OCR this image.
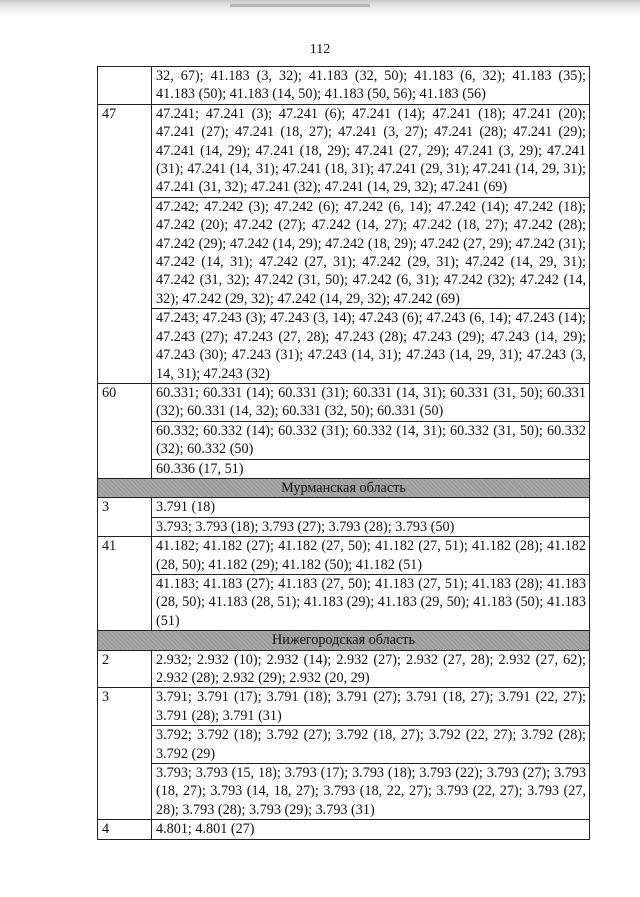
112
	32, 67); 41.183 (3, 32); 41.183 (32, 50); 41.183 (6, 32); 41.183 (35); 41.183 (50); 41.183 (14, 50); 41.183 (50, 56); 41.183 (56)
47	47.241; 47.241 (3); 47.241 (6); 47.241 (14); 47.241 (18); 47.241 (20); 47.241 (27); 47.241 (18, 27); 47.241 (3, 27); 47.241 (28); 47.241 (29); 47.241 (14, 29); 47.241 (18, 29); 47.241 (27, 29); 47.241 (3, 29); 47.241 (31); 47.241 (14, 31); 47.241 (18, 31); 47.241 (29, 31); 47.241 (14, 29, 31); 47.241 (31, 32); 47.241 (32); 47.241 (14, 29, 32); 47.241 (69)
	47.242; 47.242 (3); 47.242 (6); 47.242 (6, 14); 47.242 (14); 47.242 (18); 47.242 (20); 47.242 (27); 47.242 (14, 27); 47.242 (18, 27); 47.242 (28); 47.242 (29); 47.242 (14, 29); 47.242 (18, 29); 47.242 (27, 29); 47.242 (31); 47.242 (14, 31); 47.242 (27, 31); 47.242 (29, 31); 47.242 (14, 29, 31); 47.242 (31, 32); 47.242 (31, 50); 47.242 (6, 31); 47.242 (32); 47.242 (14, 32); 47.242 (29, 32); 47.242 (14, 29, 32); 47.242 (69)
	47.243; 47.243 (3); 47.243 (3, 14); 47.243 (6); 47.243 (6, 14); 47.243 (14); 47.243 (27); 47.243 (27, 28); 47.243 (28); 47.243 (29); 47.243 (14, 29); 47.243 (30); 47.243 (31); 47.243 (14, 31); 47.243 (14, 29, 31); 47.243 (3, 14, 31); 47.243 (32)
60	60.331; 60.331 (14); 60.331 (31); 60.331 (14, 31); 60.331 (31, 50); 60.331 (32); 60.331 (14, 32); 60.331 (32, 50); 60.331 (50)
	60.332; 60.332 (14); 60.332 (31); 60.332 (14, 31); 60.332 (31, 50); 60.332 (32); 60.332 (50)
	60.336 (17, 51)
Мурманская область	
3	3.791 (18)
	3.793; 3.793 (18); 3.793 (27); 3.793 (28); 3.793 (50)
41	41.182; 41.182 (27); 41.182 (27, 50); 41.182 (27, 51); 41.182 (28); 41.182 (28, 50); 41.182 (29); 41.182 (50); 41.182 (51)
	41.183; 41.183 (27); 41.183 (27, 50); 41.183 (27, 51); 41.183 (28); 41.183 (28, 50); 41.183 (28, 51); 41.183 (29); 41.183 (29, 50); 41.183 (50); 41.183 (51)
Нижегородская область	
2	2.932; 2.932 (10); 2.932 (14); 2.932 (27); 2.932 (27, 28); 2.932 (27, 62); 2.932 (28); 2.932 (29); 2.932 (20, 29)
3	3.791; 3.791 (17); 3.791 (18); 3.791 (27); 3.791 (18, 27); 3.791 (22, 27); 3.791 (28); 3.791 (31)
	3.792; 3.792 (18); 3.792 (27); 3.792 (18, 27); 3.792 (22, 27); 3.792 (28); 3.792 (29)
	3.793; 3.793 (15, 18); 3.793 (17); 3.793 (18); 3.793 (22); 3.793 (27); 3.793 (18, 27); 3.793 (14, 18, 27); 3.793 (18, 22, 27); 3.793 (22, 27); 3.793 (27, 28); 3.793 (28); 3.793 (29); 3.793 (31)
4	4.801; 4.801 (27)
